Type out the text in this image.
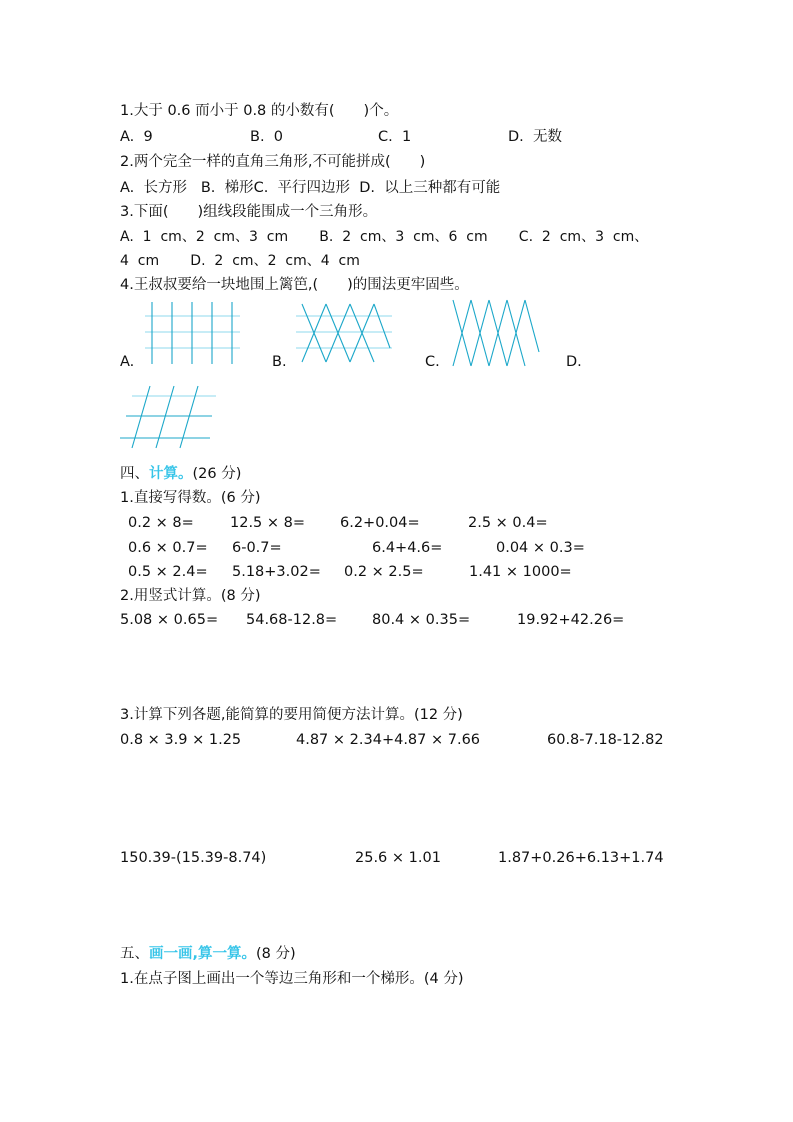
1.大于 0.6 而小于 0.8 的小数有(　　)个。
A.  9	B.  0	C.  1	D.  无数
2.两个完全一样的直角三角形,不可能拼成(　　)
A.  长方形   B.  梯形C.  平行四边形  D.  以上三种都有可能
3.下面(　　)组线段能围成一个三角形。
A.  1  cm、2  cm、3  cm       B.  2  cm、3  cm、6  cm       C.  2  cm、3  cm、
4  cm       D.  2  cm、2  cm、4  cm
4.王叔叔要给一块地围上篱笆,(　　)的围法更牢固些。
A.	B.	C.	D.
四、计算。(26 分)
1.直接写得数。(6 分)
0.2 × 8= 12.5 × 8= 6.2+0.04=	2.5 × 0.4=
0.6 × 0.7= 6-0.7=	6.4+4.6=	0.04 × 0.3=
0.5 × 2.4= 5.18+3.02= 0.2 × 2.5=	1.41 × 1000=
2.用竖式计算。(8 分)
5.08 × 0.65= 54.68-12.8= 80.4 × 0.35=	19.92+42.26=
3.计算下列各题,能简算的要用简便方法计算。(12 分)
0.8 × 3.9 × 1.25	4.87 × 2.34+4.87 × 7.66	60.8-7.18-12.82
150.39-(15.39-8.74)	25.6 × 1.01	1.87+0.26+6.13+1.74
五、画一画,算一算。(8 分)
1.在点子图上画出一个等边三角形和一个梯形。(4 分)
